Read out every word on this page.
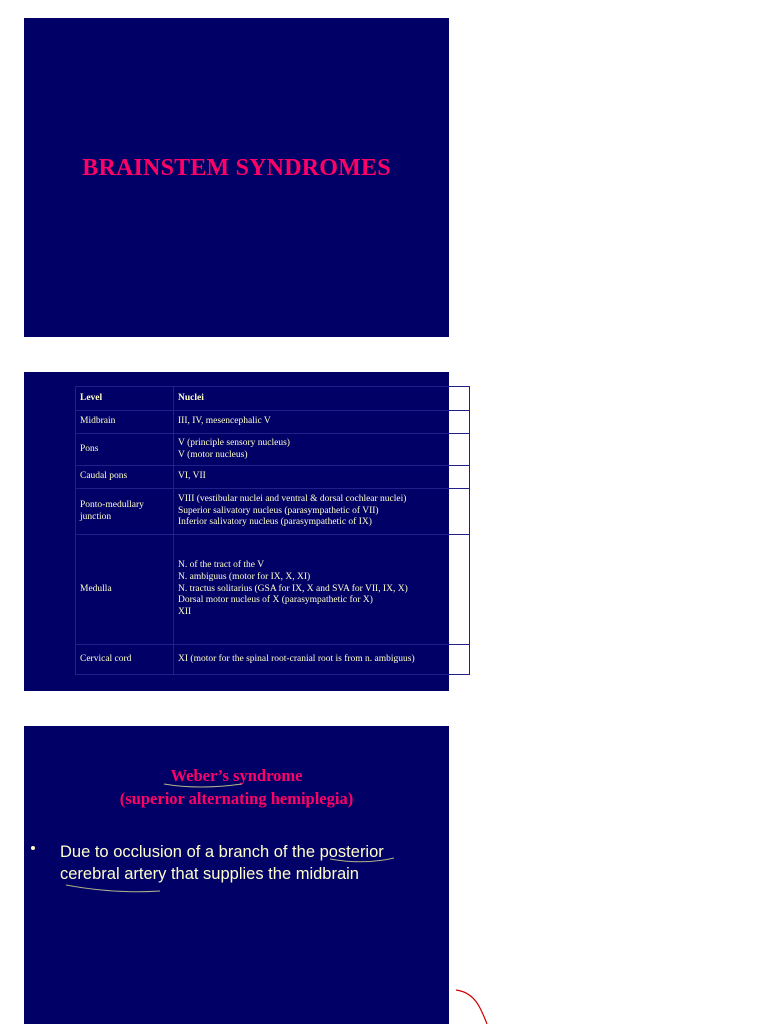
BRAINSTEM SYNDROMES
Level	Nuclei
Midbrain	III, IV, mesencephalic V

Pons	V (principle sensory nucleus)
V (motor nucleus)

Caudal pons	VI, VII

Ponto-medullary junction	VIII (vestibular nuclei and ventral & dorsal cochlear nuclei)
Superior salivatory nucleus (parasympathetic of VII)
Inferior salivatory nucleus (parasympathetic of IX)

Medulla	N. of the tract of the V
N. ambiguus (motor for IX, X, XI)
N. tractus solitarius (GSA for IX, X and SVA for VII, IX, X)
Dorsal motor nucleus of X (parasympathetic for X)
XII

Cervical cord	XI (motor for the spinal root-cranial root is from n. ambiguus)
Weber’s syndrome
(superior alternating hemiplegia)
Due to occlusion of a branch of the posterior cerebral artery that supplies the midbrain
